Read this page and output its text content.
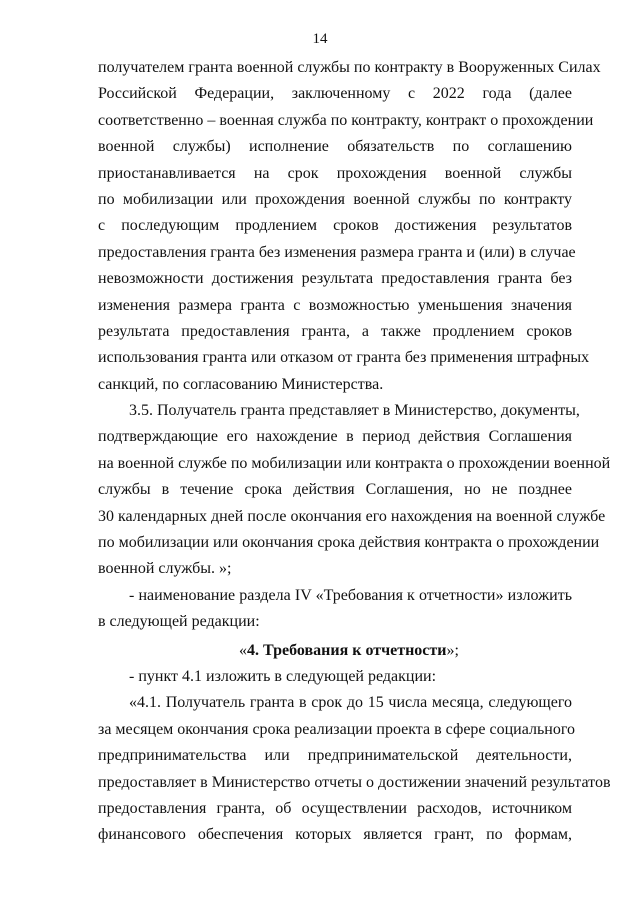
14
получателем гранта военной службы по контракту в Вооруженных Силах
Российской Федерации, заключенному с 2022 года (далее
соответственно – военная служба по контракту, контракт о прохождении
военной службы) исполнение обязательств по соглашению
приостанавливается на срок прохождения военной службы
по мобилизации или прохождения военной службы по контракту
с последующим продлением сроков достижения результатов
предоставления гранта без изменения размера гранта и (или) в случае
невозможности достижения результата предоставления гранта без
изменения размера гранта с возможностью уменьшения значения
результата предоставления гранта, а также продлением сроков
использования гранта или отказом от гранта без применения штрафных
санкций, по согласованию Министерства.
3.5. Получатель гранта представляет в Министерство, документы,
подтверждающие его нахождение в период действия Соглашения
на военной службе по мобилизации или контракта о прохождении военной
службы в течение срока действия Соглашения, но не позднее
30 календарных дней после окончания его нахождения на военной службе
по мобилизации или окончания срока действия контракта о прохождении
военной службы. »;
- наименование раздела IV «Требования к отчетности» изложить
в следующей редакции:
«4. Требования к отчетности»;
- пункт 4.1 изложить в следующей редакции:
«4.1. Получатель гранта в срок до 15 числа месяца, следующего
за месяцем окончания срока реализации проекта в сфере социального
предпринимательства или предпринимательской деятельности,
предоставляет в Министерство отчеты о достижении значений результатов
предоставления гранта, об осуществлении расходов, источником
финансового обеспечения которых является грант, по формам,
